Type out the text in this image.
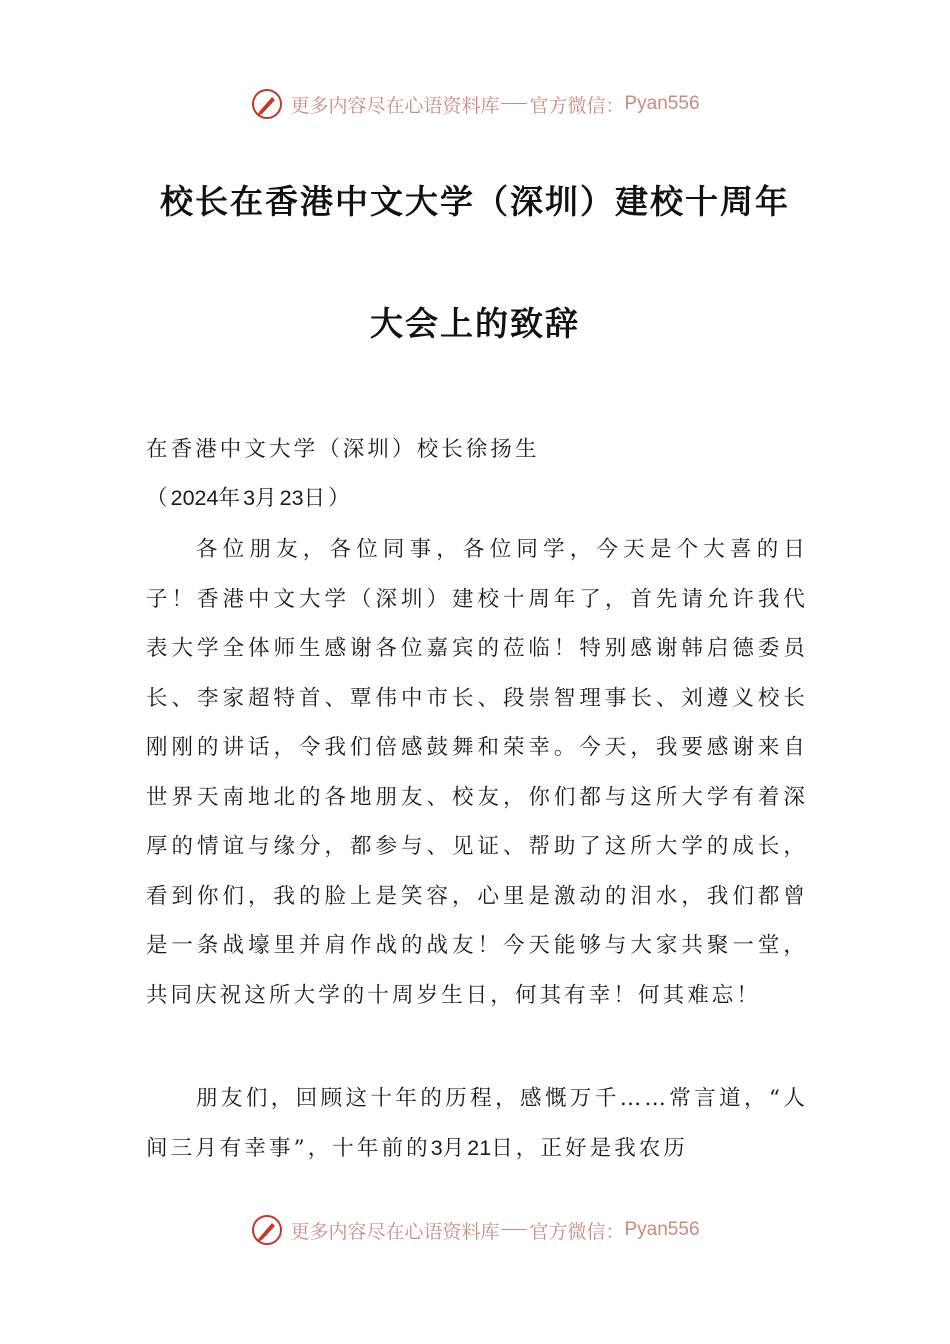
更多内容尽在心语资料库 官方微信： Pyan556
校长在香港中文大学（深圳）建校十周年
大会上的致辞

在香港中文大学（深圳）校长徐扬生

（2024年3月23日）

各位朋友，各位同事，各位同学，今天是个大喜的日子！香港中文大学（深圳）建校十周年了，首先请允许我代表大学全体师生感谢各位嘉宾的莅临！特别感谢韩启德委员长、李家超特首、覃伟中市长、段崇智理事长、刘遵义校长刚刚的讲话，令我们倍感鼓舞和荣幸。今天，我要感谢来自世界天南地北的各地朋友、校友，你们都与这所大学有着深厚的情谊与缘分，都参与、见证、帮助了这所大学的成长，看到你们，我的脸上是笑容，心里是激动的泪水，我们都曾是一条战壕里并肩作战的战友！今天能够与大家共聚一堂，共同庆祝这所大学的十周岁生日，何其有幸！何其难忘！

朋友们，回顾这十年的历程，感慨万千……常言道，“人间三月有幸事”，十年前的3月21日，正好是我农历

更多内容尽在心语资料库 官方微信： Pyan556
